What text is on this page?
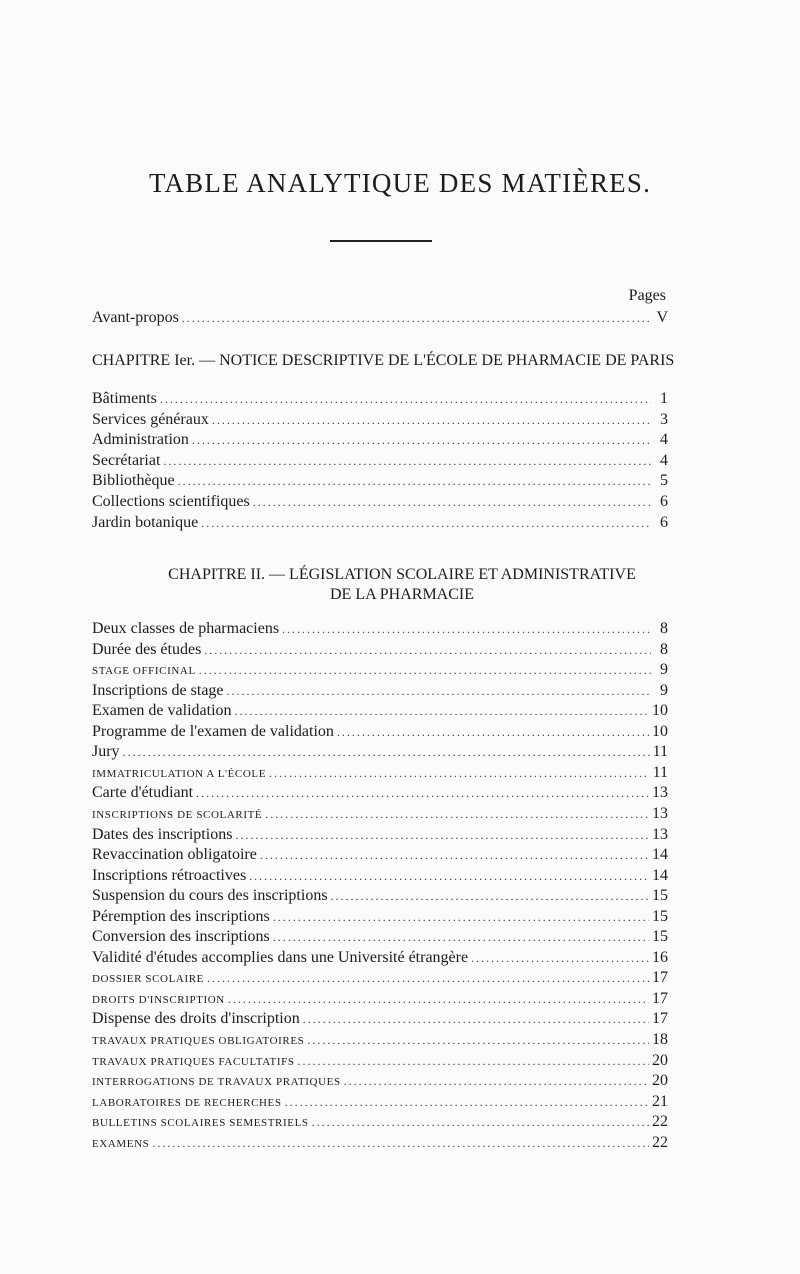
TABLE ANALYTIQUE DES MATIÈRES.
Pages
Avant-propos .....	V
CHAPITRE Ier. — NOTICE DESCRIPTIVE DE L'ÉCOLE DE PHARMACIE DE PARIS
Bâtiments .....	1
Services généraux .....	3
Administration .....	4
Secrétariat .....	4
Bibliothèque .....	5
Collections scientifiques .....	6
Jardin botanique .....	6
CHAPITRE II. — LÉGISLATION SCOLAIRE ET ADMINISTRATIVE
DE LA PHARMACIE
Deux classes de pharmaciens .....	8
Durée des études .....	8
STAGE OFFICINAL .....	9
Inscriptions de stage .....	9
Examen de validation .....	10
Programme de l'examen de validation .....	10
Jury .....	11
IMMATRICULATION A L'ÉCOLE .....	11
Carte d'étudiant .....	13
INSCRIPTIONS DE SCOLARITÉ .....	13
Dates des inscriptions .....	13
Revaccination obligatoire .....	14
Inscriptions rétroactives .....	14
Suspension du cours des inscriptions .....	15
Péremption des inscriptions .....	15
Conversion des inscriptions .....	15
Validité d'études accomplies dans une Université étrangère .....	16
DOSSIER SCOLAIRE .....	17
DROITS D'INSCRIPTION .....	17
Dispense des droits d'inscription .....	17
TRAVAUX PRATIQUES OBLIGATOIRES .....	18
TRAVAUX PRATIQUES FACULTATIFS .....	20
INTERROGATIONS DE TRAVAUX PRATIQUES .....	20
LABORATOIRES DE RECHERCHES .....	21
BULLETINS SCOLAIRES SEMESTRIELS .....	22
EXAMENS .....	22
